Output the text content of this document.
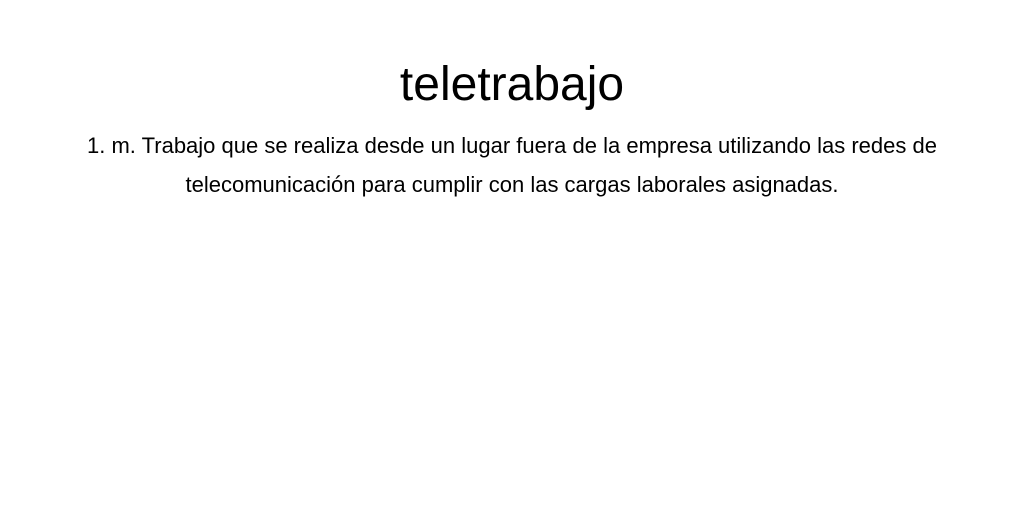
teletrabajo

1. m. Trabajo que se realiza desde un lugar fuera de la empresa utilizando las redes de telecomunicación para cumplir con las cargas laborales asignadas.
